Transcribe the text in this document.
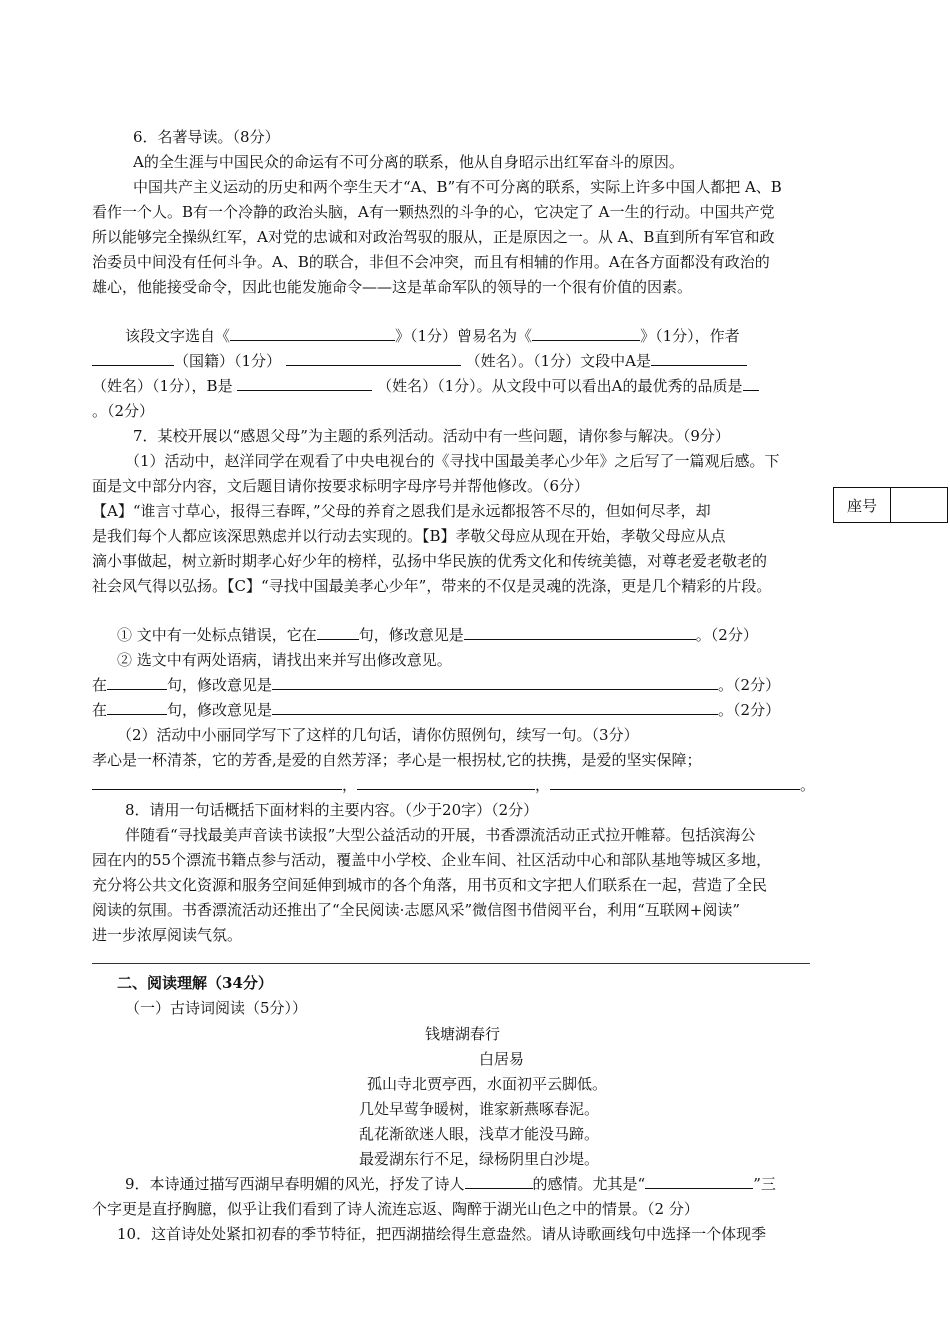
6．名著导读。（8分）
A的全生涯与中国民众的命运有不可分离的联系，他从自身昭示出红军奋斗的原因。
中国共产主义运动的历史和两个孪生天才“A、B”有不可分离的联系，实际上许多中国人都把 A、B
看作一个人。B有一个冷静的政治头脑，A有一颗热烈的斗争的心，它决定了 A一生的行动。中国共产党
所以能够完全操纵红军，A对党的忠诚和对政治驾驭的服从，正是原因之一。从 A、B直到所有军官和政
治委员中间没有任何斗争。A、B的联合，非但不会冲突，而且有相辅的作用。A在各方面都没有政治的
雄心，他能接受命令，因此也能发施命令——这是革命军队的领导的一个很有价值的因素。
该段文字选自《	》（1分）曾易名为《	》（1分），作者
（国籍）（1分）	（姓名）。（1分）文段中A是
（姓名）（1分），B是	（姓名）（1分）。从文段中可以看出A的最优秀的品质是
。（2分）
7．某校开展以“感恩父母”为主题的系列活动。活动中有一些问题，请你参与解决。（9分）
（1）活动中，赵洋同学在观看了中央电视台的《寻找中国最美孝心少年》之后写了一篇观后感。下
面是文中部分内容，文后题目请你按要求标明字母序号并帮他修改。（6分）
【A】“谁言寸草心，报得三春晖，”父母的养育之恩我们是永远都报答不尽的，但如何尽孝，却
是我们每个人都应该深思熟虑并以行动去实现的。【B】孝敬父母应从现在开始，孝敬父母应从点
滴小事做起，树立新时期孝心好少年的榜样，弘扬中华民族的优秀文化和传统美德，对尊老爱老敬老的
社会风气得以弘扬。【C】“寻找中国最美孝心少年”，带来的不仅是灵魂的洗涤，更是几个精彩的片段。
座号
① 文中有一处标点错误，它在	句，修改意见是	。（2分）
② 选文中有两处语病，请找出来并写出修改意见。
在	句，修改意见是	。（2分）
在	句，修改意见是	。（2分）
（2）活动中小丽同学写下了这样的几句话，请你仿照例句，续写一句。（3分）
孝心是一杯清茶，它的芳香,是爱的自然芳泽；孝心是一根拐杖,它的扶携，是爱的坚实保障；
，	，	。
8．请用一句话概括下面材料的主要内容。（少于20字）（2分）
伴随看“寻找最美声音读书读报”大型公益活动的开展，书香漂流活动正式拉开帷幕。包括滨海公
园在内的55个漂流书籍点参与活动，覆盖中小学校、企业车间、社区活动中心和部队基地等城区多地，
充分将公共文化资源和服务空间延伸到城市的各个角落，用书页和文字把人们联系在一起，营造了全民
阅读的氛围。书香漂流活动还推出了“全民阅读·志愿风采”微信图书借阅平台，利用“互联网+阅读”
进一步浓厚阅读气氛。
二、阅读理解（34分）
（一）古诗词阅读（5分））
钱塘湖春行
白居易
孤山寺北贾亭西，水面初平云脚低。
几处早莺争暖树，谁家新燕啄春泥。
乱花渐欲迷人眼，浅草才能没马蹄。
最爱湖东行不足，绿杨阴里白沙堤。
9．本诗通过描写西湖早春明媚的风光，抒发了诗人	的感情。尤其是“	”三
个字更是直抒胸臆，似乎让我们看到了诗人流连忘返、陶醉于湖光山色之中的情景。（2 分）
10．这首诗处处紧扣初春的季节特征，把西湖描绘得生意盎然。请从诗歌画线句中选择一个体现季
